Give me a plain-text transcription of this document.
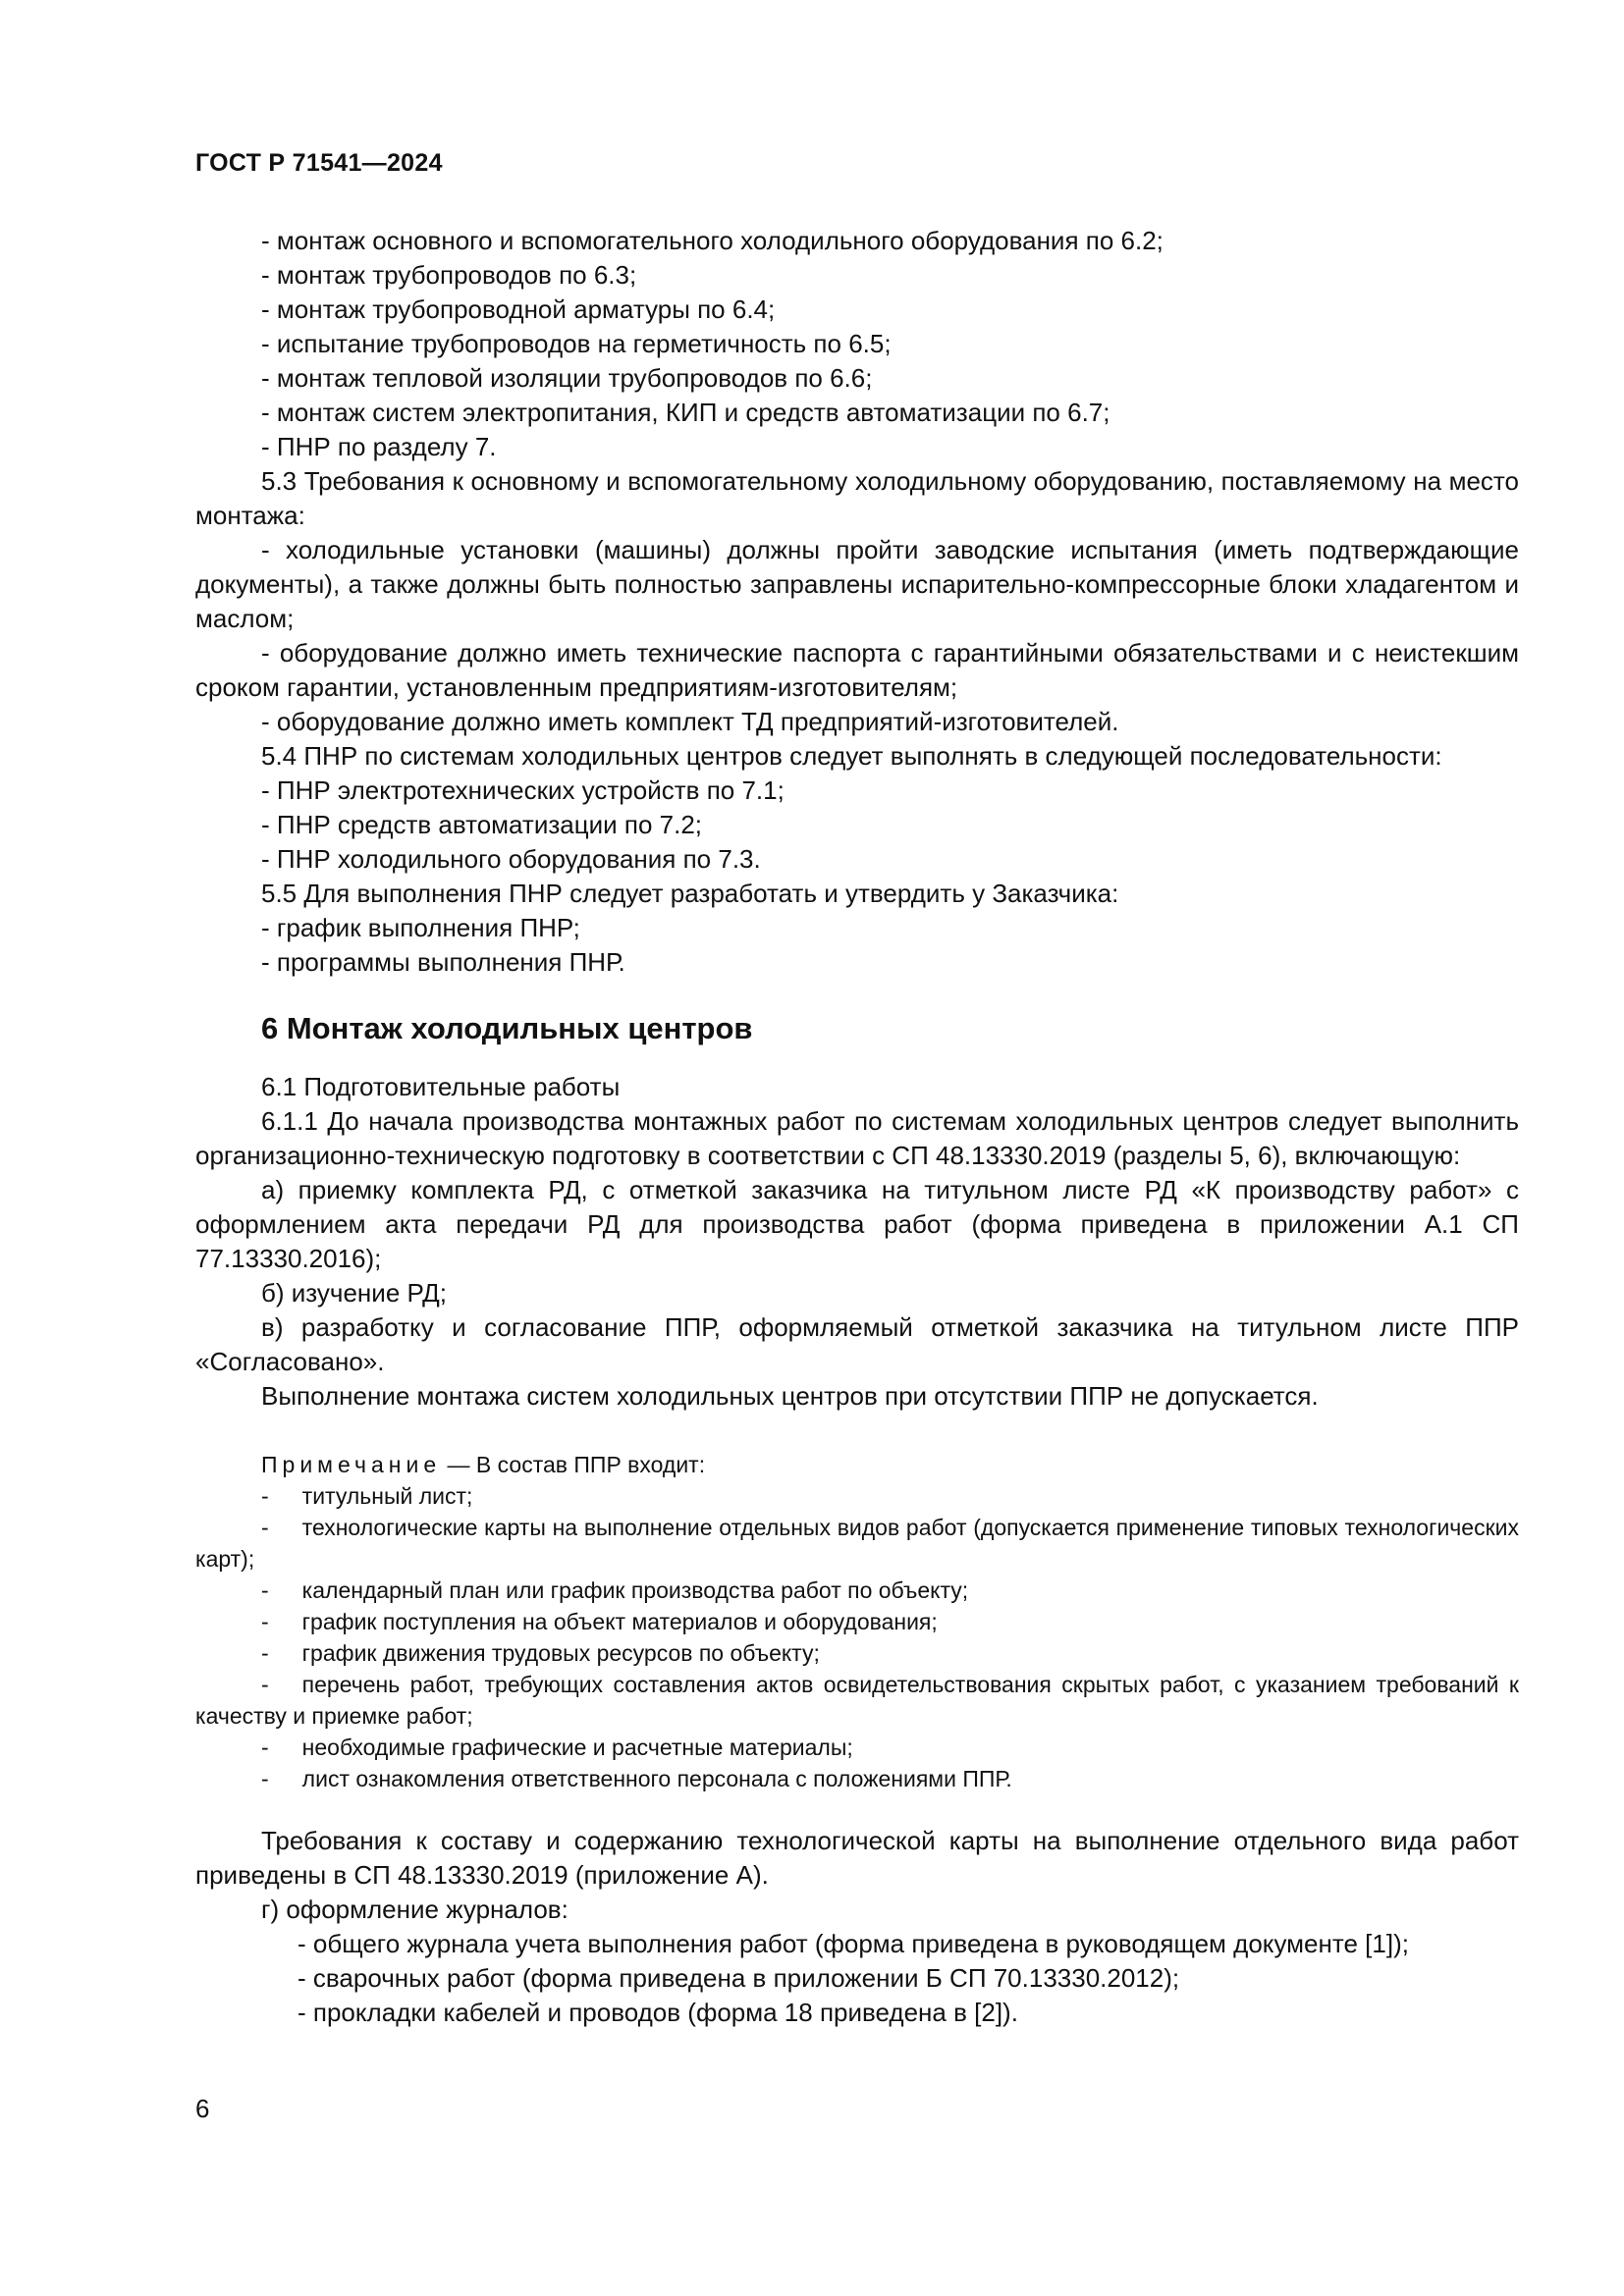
ГОСТ Р 71541—2024

- монтаж основного и вспомогательного холодильного оборудования по 6.2;

- монтаж трубопроводов по 6.3;

- монтаж трубопроводной арматуры по 6.4;

- испытание трубопроводов на герметичность по 6.5;

- монтаж тепловой изоляции трубопроводов по 6.6;

- монтаж систем электропитания, КИП и средств автоматизации по 6.7;

- ПНР по разделу 7.

5.3 Требования к основному и вспомогательному холодильному оборудованию, поставляемому на место монтажа:

- холодильные установки (машины) должны пройти заводские испытания (иметь подтверждающие документы), а также должны быть полностью заправлены испарительно-компрессорные блоки хладагентом и маслом;

- оборудование должно иметь технические паспорта с гарантийными обязательствами и с неистекшим сроком гарантии, установленным предприятиям-изготовителям;

- оборудование должно иметь комплект ТД предприятий-изготовителей.

5.4 ПНР по системам холодильных центров следует выполнять в следующей последовательности:

- ПНР электротехнических устройств по 7.1;

- ПНР средств автоматизации по 7.2;

- ПНР холодильного оборудования по 7.3.

5.5 Для выполнения ПНР следует разработать и утвердить у Заказчика:

- график выполнения ПНР;

- программы выполнения ПНР.

6 Монтаж холодильных центров

6.1 Подготовительные работы

6.1.1 До начала производства монтажных работ по системам холодильных центров следует выполнить организационно-техническую подготовку в соответствии с СП 48.13330.2019 (разделы 5, 6), включающую:

а) приемку комплекта РД, с отметкой заказчика на титульном листе РД «К производству работ» с оформлением акта передачи РД для производства работ (форма приведена в приложении А.1 СП 77.13330.2016);

б) изучение РД;

в) разработку и согласование ППР, оформляемый отметкой заказчика на титульном листе ППР «Согласовано».

Выполнение монтажа систем холодильных центров при отсутствии ППР не допускается.

Примечание — В состав ППР входит:

- титульный лист;

- технологические карты на выполнение отдельных видов работ (допускается применение типовых технологических карт);

- календарный план или график производства работ по объекту;

- график поступления на объект материалов и оборудования;

- график движения трудовых ресурсов по объекту;

- перечень работ, требующих составления актов освидетельствования скрытых работ, с указанием требований к качеству и приемке работ;

- необходимые графические и расчетные материалы;

- лист ознакомления ответственного персонала с положениями ППР.

Требования к составу и содержанию технологической карты на выполнение отдельного вида работ приведены в СП 48.13330.2019 (приложение А).

г) оформление журналов:

- общего журнала учета выполнения работ (форма приведена в руководящем документе [1]);

- сварочных работ (форма приведена в приложении Б СП 70.13330.2012);

- прокладки кабелей и проводов (форма 18 приведена в [2]).

6
